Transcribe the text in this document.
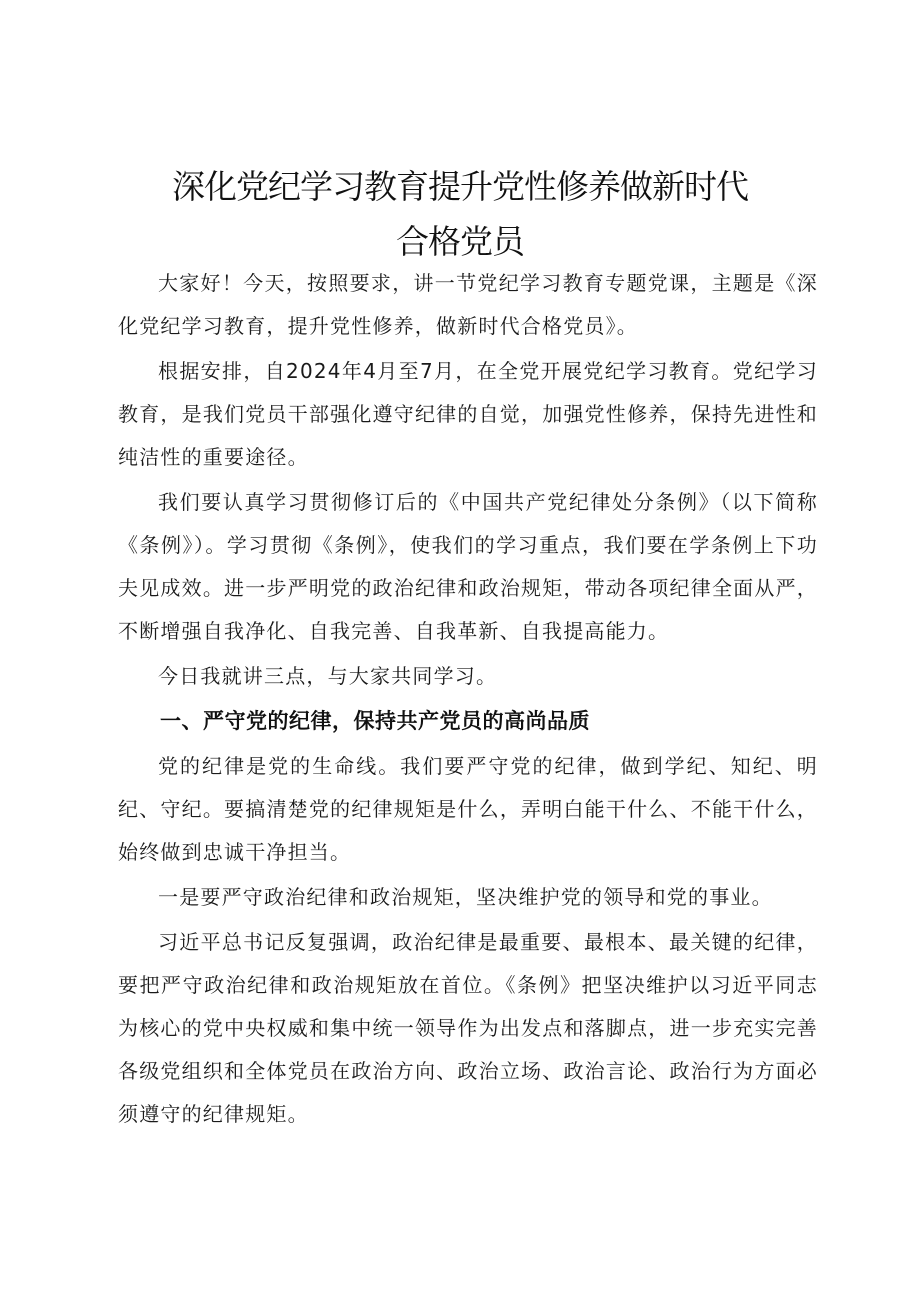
深化党纪学习教育提升党性修养做新时代
合格党员

大家好！今天，按照要求，讲一节党纪学习教育专题党课，主题是《深化党纪学习教育，提升党性修养，做新时代合格党员》。

根据安排，自2024年4月至7月，在全党开展党纪学习教育。党纪学习教育，是我们党员干部强化遵守纪律的自觉，加强党性修养，保持先进性和纯洁性的重要途径。

我们要认真学习贯彻修订后的《中国共产党纪律处分条例》（以下简称《条例》）。学习贯彻《条例》，使我们的学习重点，我们要在学条例上下功夫见成效。进一步严明党的政治纪律和政治规矩，带动各项纪律全面从严，不断增强自我净化、自我完善、自我革新、自我提高能力。

今日我就讲三点，与大家共同学习。

一、严守党的纪律，保持共产党员的高尚品质

党的纪律是党的生命线。我们要严守党的纪律，做到学纪、知纪、明纪、守纪。要搞清楚党的纪律规矩是什么，弄明白能干什么、不能干什么，始终做到忠诚干净担当。

一是要严守政治纪律和政治规矩，坚决维护党的领导和党的事业。

习近平总书记反复强调，政治纪律是最重要、最根本、最关键的纪律，要把严守政治纪律和政治规矩放在首位。《条例》把坚决维护以习近平同志为核心的党中央权威和集中统一领导作为出发点和落脚点，进一步充实完善各级党组织和全体党员在政治方向、政治立场、政治言论、政治行为方面必须遵守的纪律规矩。
